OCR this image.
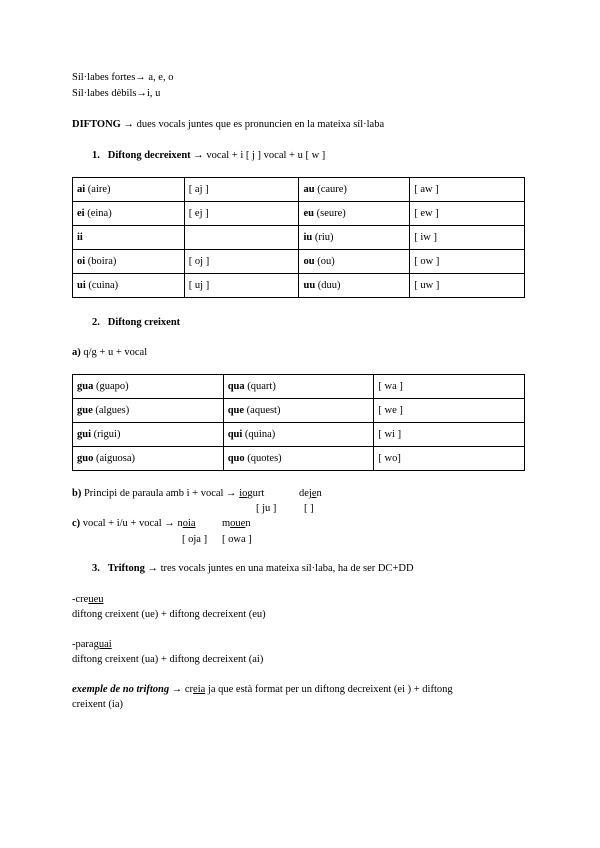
Síl·labes fortes→ a, e, o
Síl·labes dèbils→i, u
DIFTONG → dues vocals juntes que es pronuncien en la mateixa síl·laba
1. Diftong decreixent → vocal + i [ j ] vocal + u [ w ]
ai (aire)	[ aj ]	au (caure)	[ aw ]
ei (eina)	[ ej ]	eu (seure)	[ ew ]
ii		iu (riu)	[ iw ]
oi (boira)	[ oj ]	ou (ou)	[ ow ]
ui (cuina)	[ uj ]	uu (duu)	[ uw ]
2. Diftong creixent
a) q/g + u + vocal
gua (guapo)	qua (quart)	[ wa ]
gue (algues)	que (aquest)	[ we ]
gui (rigui)	qui (quina)	[ wi ]
guo (aiguosa)	quo (quotes)	[ wo]
b) Principi de paraula amb i + vocal → iogurt	dejen
[ ju ]	[ ]
c) vocal + i/u + vocal → noia	mouen
[ oja ] [ owa ]
3. Triftong → tres vocals juntes en una mateixa síl·laba, ha de ser DC+DD
-creueu
diftong creixent (ue) + diftong decreixent (eu)
-paraguai
diftong creixent (ua) + diftong decreixent (ai)
exemple de no triftong → creia ja que està format per un diftong decreixent (ei ) + diftong
creixent (ia)
